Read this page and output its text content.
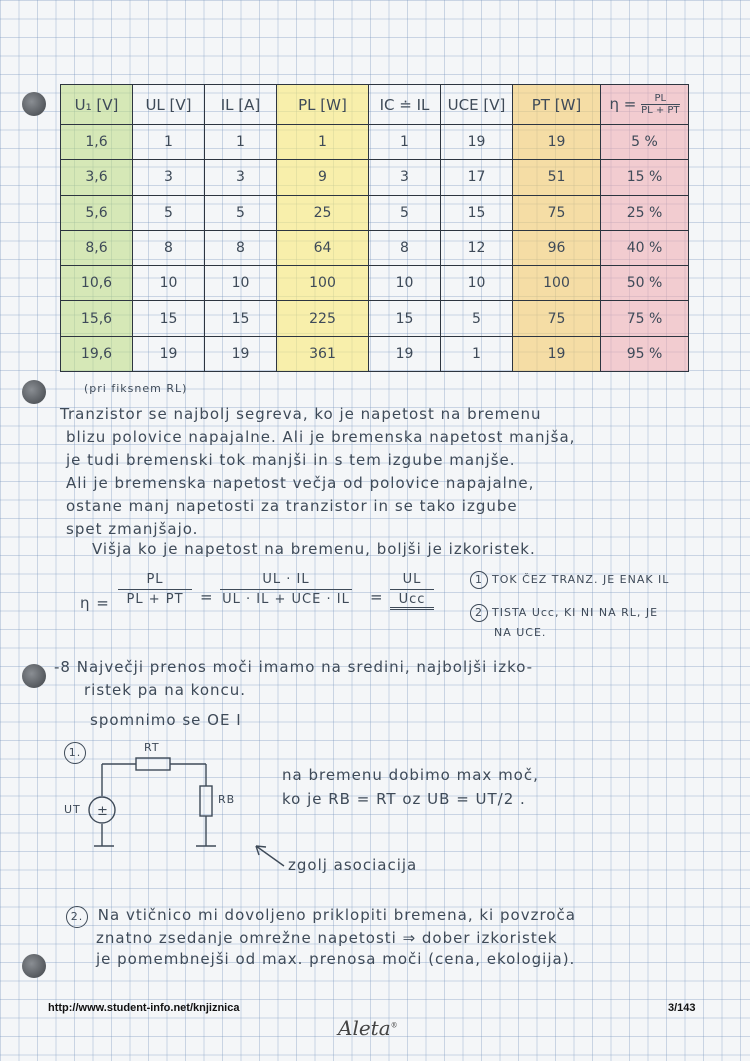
U₁ [V]	UL [V]	IL [A]	PL [W]	IC ≐ IL	UCE [V]	PT [W]	$\eta = \frac{PL}{PL + PT}$
1,6	1	1	1	1	19	19	5 %
3,6	3	3	9	3	17	51	15 %
5,6	5	5	25	5	15	75	25 %
8,6	8	8	64	8	12	96	40 %
10,6	10	10	100	10	10	100	50 %
15,6	15	15	225	15	5	75	75 %
19,6	19	19	361	19	1	19	95 %
(pri fiksnem RL)
Tranzistor se najbolj segreva, ko je napetost na bremenu
blizu polovice napajalne. Ali je bremenska napetost manjša,
je tudi bremenski tok manjši in s tem izgube manjše.
Ali je bremenska napetost večja od polovice napajalne,
ostane manj napetosti za tranzistor in se tako izgube
spet zmanjšajo.
Višja ko je napetost na bremenu, boljši je izkoristek.
$\eta = \frac{PL}{PL + PT}$ =
UL · IL
UL · IL + UCE · IL =
UL
Ucc
1 TOK ČEZ TRANZ. JE ENAK IL
2 TISTA Ucc, KI NI NA RL, JE
NA UCE.
-8 Največji prenos moči imamo na sredini, najboljši izko-
ristek pa na koncu.
spomnimo se OE I
1.
±
RT
RB
UT
na bremenu dobimo max moč,
ko je RB = RT oz UB = UT/2 .
zgolj asociacija
2. Na vtičnico mi dovoljeno priklopiti bremena, ki povzroča
znatno zsedanje omrežne napetosti ⇒ dober izkoristek
je pomembnejši od max. prenosa moči (cena, ekologija).
http://www.student-info.net/knjiznica	3/143
Aleta®
